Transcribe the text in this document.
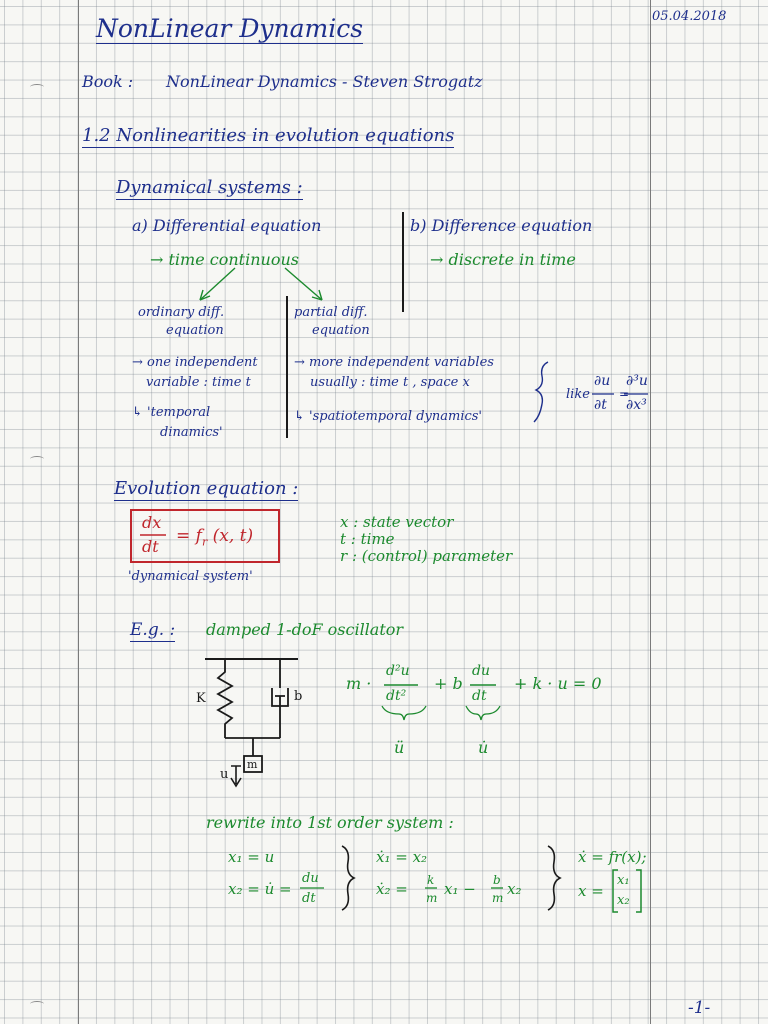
05.04.2018
NonLinear Dynamics
Book : NonLinear Dynamics - Steven Strogatz
1.2 Nonlinearities in evolution equations
Dynamical systems :
a) Differential equation
→ time continuous
b) Difference equation
→ discrete in time
ordinary diff.
equation
partial diff.
equation
→ one independent
variable : time t
↳ 'temporal
dinamics'
→ more independent variables
usually : time t , space x
↳ 'spatiotemporal dynamics'
like
∂u
∂t
=
∂³u
∂x³
Evolution equation :
dx
dt
= $f_r$ (x, t)
'dynamical system'
x : state vector
t : time
r : (control) parameter
E.g. : damped 1-doF oscillator
K	b
m
u
m ·
d²u
dt²
+ b
du
dt
+ k · u = 0
ü	u̇
rewrite into 1st order system :
x₁ = u
x₂ = u̇ =
du
dt
ẋ₁ = x₂
ẋ₂ = k
m x₁ − b
m x₂
ẋ = fr(x);
x =
x₁
x₂
-1-
